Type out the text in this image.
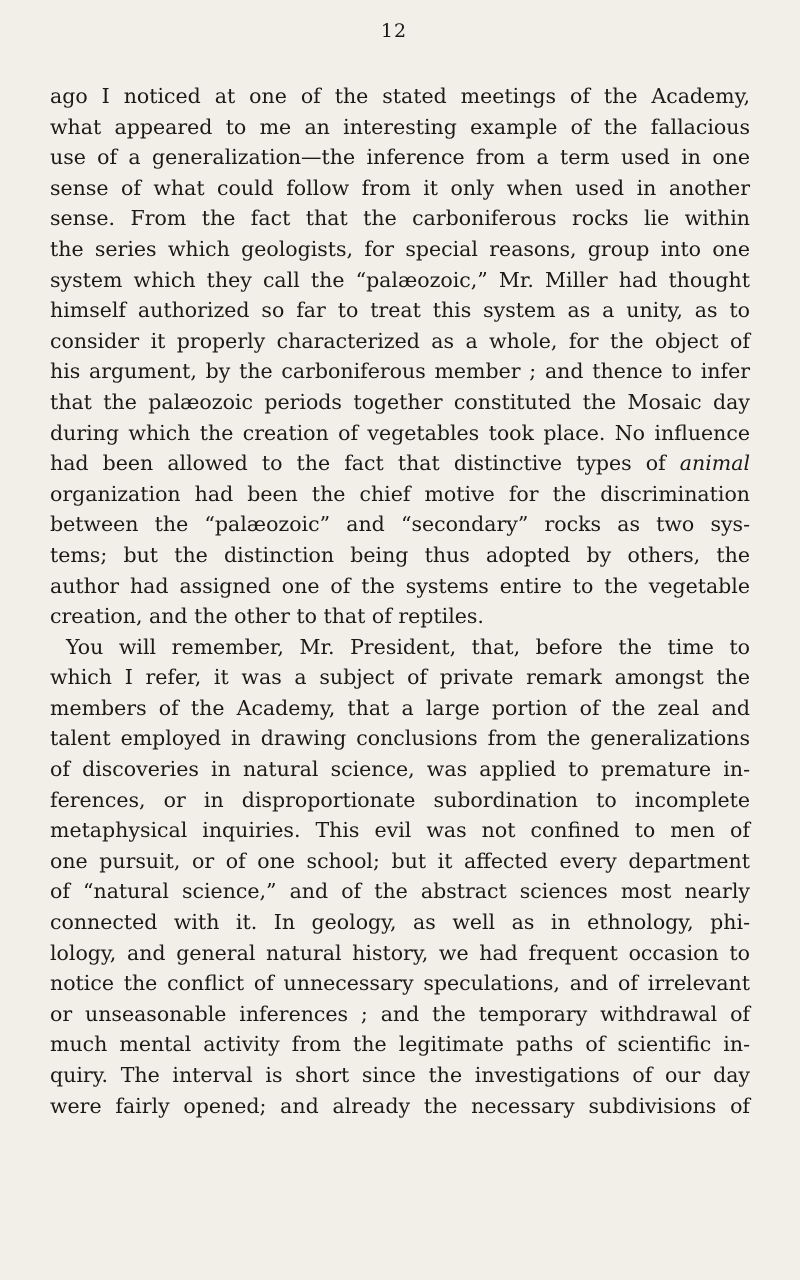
12
ago I noticed at one of the stated meetings of the Academy,
what appeared to me an interesting example of the fallacious
use of a generalization—the inference from a term used in one
sense of what could follow from it only when used in another
sense. From the fact that the carboniferous rocks lie within
the series which geologists, for special reasons, group into one
system which they call the “palæozoic,” Mr. Miller had thought
himself authorized so far to treat this system as a unity, as to
consider it properly characterized as a whole, for the object of
his argument, by the carboniferous member ; and thence to infer
that the palæozoic periods together constituted the Mosaic day
during which the creation of vegetables took place. No influence
had been allowed to the fact that distinctive types of animal
organization had been the chief motive for the discrimination
between the “palæozoic” and “secondary” rocks as two sys-
tems; but the distinction being thus adopted by others, the
author had assigned one of the systems entire to the vegetable
creation, and the other to that of reptiles.
You will remember, Mr. President, that, before the time to
which I refer, it was a subject of private remark amongst the
members of the Academy, that a large portion of the zeal and
talent employed in drawing conclusions from the generalizations
of discoveries in natural science, was applied to premature in-
ferences, or in disproportionate subordination to incomplete
metaphysical inquiries. This evil was not confined to men of
one pursuit, or of one school; but it affected every department
of “natural science,” and of the abstract sciences most nearly
connected with it. In geology, as well as in ethnology, phi-
lology, and general natural history, we had frequent occasion to
notice the conflict of unnecessary speculations, and of irrelevant
or unseasonable inferences ; and the temporary withdrawal of
much mental activity from the legitimate paths of scientific in-
quiry. The interval is short since the investigations of our day
were fairly opened; and already the necessary subdivisions of
